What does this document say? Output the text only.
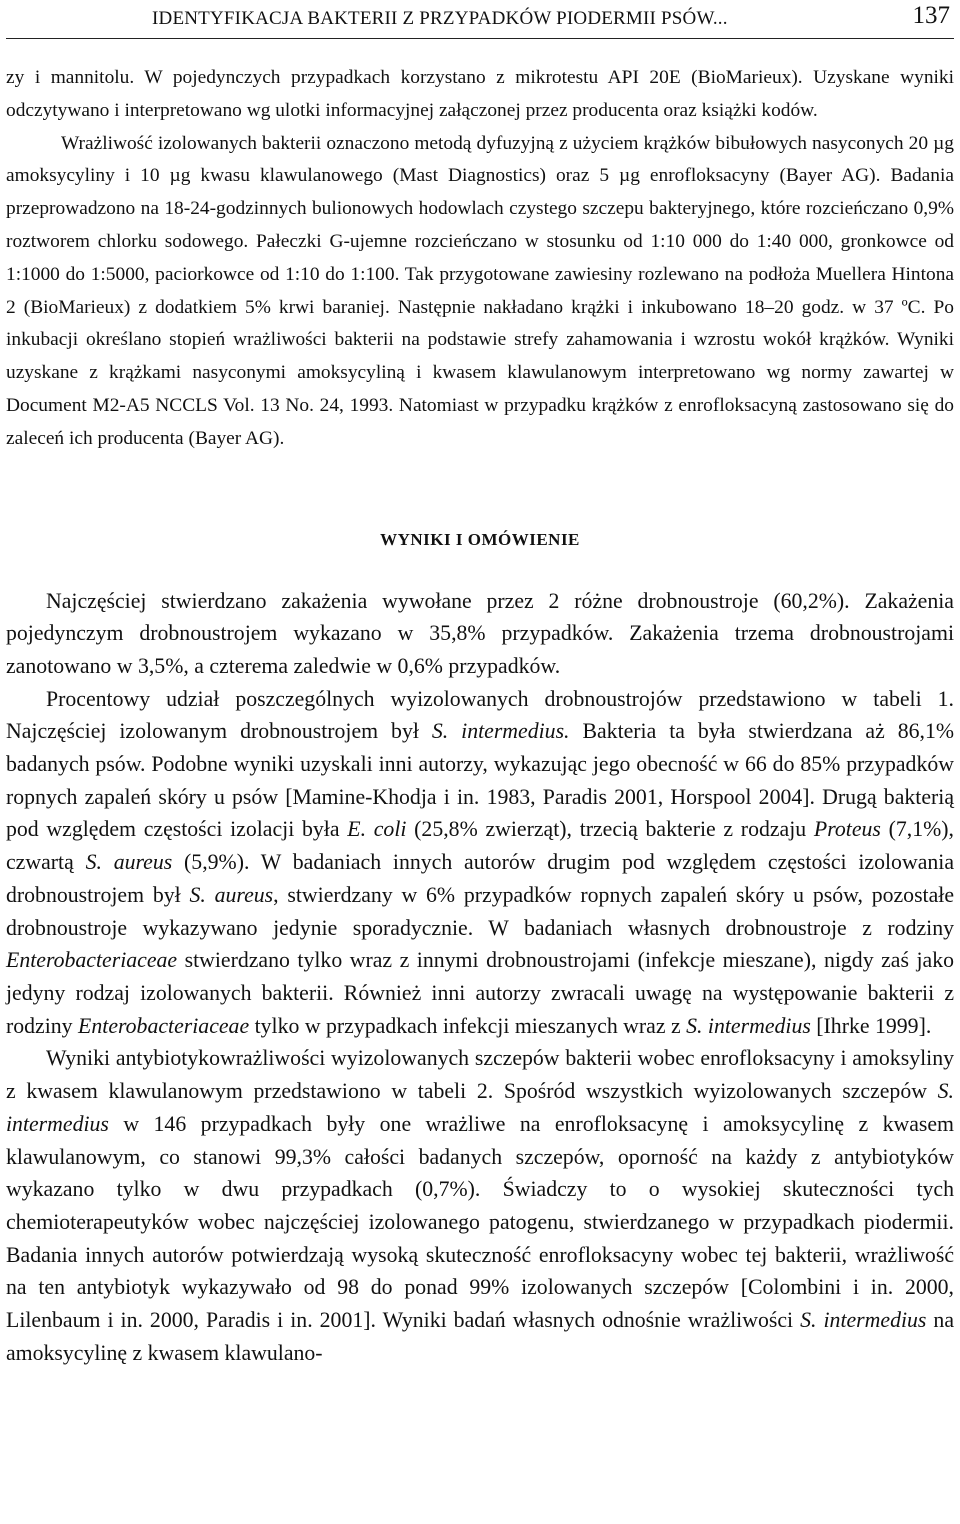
IDENTYFIKACJA BAKTERII Z PRZYPADKÓW PIODERMII PSÓW...	137

zy i mannitolu. W pojedynczych przypadkach korzystano z mikrotestu API 20E (BioMarieux). Uzyskane wyniki odczytywano i interpretowano wg ulotki informacyjnej załączonej przez producenta oraz książki kodów.

Wrażliwość izolowanych bakterii oznaczono metodą dyfuzyjną z użyciem krążków bibułowych nasyconych 20 µg amoksycyliny i 10 µg kwasu klawulanowego (Mast Diagnostics) oraz 5 µg enrofloksacyny (Bayer AG). Badania przeprowadzono na 18-24-godzinnych bulionowych hodowlach czystego szczepu bakteryjnego, które rozcieńczano 0,9% roztworem chlorku sodowego. Pałeczki G-ujemne rozcieńczano w stosunku od 1:10 000 do 1:40 000, gronkowce od 1:1000 do 1:5000, paciorkowce od 1:10 do 1:100. Tak przygotowane zawiesiny rozlewano na podłoża Muellera Hintona 2 (BioMarieux) z dodatkiem 5% krwi baraniej. Następnie nakładano krążki i inkubowano 18–20 godz. w 37 ºC. Po inkubacji określano stopień wrażliwości bakterii na podstawie strefy zahamowania i wzrostu wokół krążków. Wyniki uzyskane z krążkami nasyconymi amoksycyliną i kwasem klawulanowym interpretowano wg normy zawartej w Document M2-A5 NCCLS Vol. 13 No. 24, 1993. Natomiast w przypadku krążków z enrofloksacyną zastosowano się do zaleceń ich producenta (Bayer AG).

WYNIKI I OMÓWIENIE

Najczęściej stwierdzano zakażenia wywołane przez 2 różne drobnoustroje (60,2%). Zakażenia pojedynczym drobnoustrojem wykazano w 35,8% przypadków. Zakażenia trzema drobnoustrojami zanotowano w 3,5%, a czterema zaledwie w 0,6% przypadków.

Procentowy udział poszczególnych wyizolowanych drobnoustrojów przedstawiono w tabeli 1. Najczęściej izolowanym drobnoustrojem był S. intermedius. Bakteria ta była stwierdzana aż 86,1% badanych psów. Podobne wyniki uzyskali inni autorzy, wykazując jego obecność w 66 do 85% przypadków ropnych zapaleń skóry u psów [Mamine-Khodja i in. 1983, Paradis 2001, Horspool 2004]. Drugą bakterią pod względem częstości izolacji była E. coli (25,8% zwierząt), trzecią bakterie z rodzaju Proteus (7,1%), czwartą S. aureus (5,9%). W badaniach innych autorów drugim pod względem częstości izolowania drobnoustrojem był S. aureus, stwierdzany w 6% przypadków ropnych zapaleń skóry u psów, pozostałe drobnoustroje wykazywano jedynie sporadycznie. W badaniach własnych drobnoustroje z rodziny Enterobacteriaceae stwierdzano tylko wraz z innymi drobnoustrojami (infekcje mieszane), nigdy zaś jako jedyny rodzaj izolowanych bakterii. Również inni autorzy zwracali uwagę na występowanie bakterii z rodziny Enterobacteriaceae tylko w przypadkach infekcji mieszanych wraz z S. intermedius [Ihrke 1999].

Wyniki antybiotykowrażliwości wyizolowanych szczepów bakterii wobec enrofloksacyny i amoksyliny z kwasem klawulanowym przedstawiono w tabeli 2. Spośród wszystkich wyizolowanych szczepów S. intermedius w 146 przypadkach były one wrażliwe na enrofloksacynę i amoksycylinę z kwasem klawulanowym, co stanowi 99,3% całości badanych szczepów, oporność na każdy z antybiotyków wykazano tylko w dwu przypadkach (0,7%). Świadczy to o wysokiej skuteczności tych chemioterapeutyków wobec najczęściej izolowanego patogenu, stwierdzanego w przypadkach piodermii. Badania innych autorów potwierdzają wysoką skuteczność enrofloksacyny wobec tej bakterii, wrażliwość na ten antybiotyk wykazywało od 98 do ponad 99% izolowanych szczepów [Colombini i in. 2000, Lilenbaum i in. 2000, Paradis i in. 2001]. Wyniki badań własnych odnośnie wrażliwości S. intermedius na amoksycylinę z kwasem klawulano-
